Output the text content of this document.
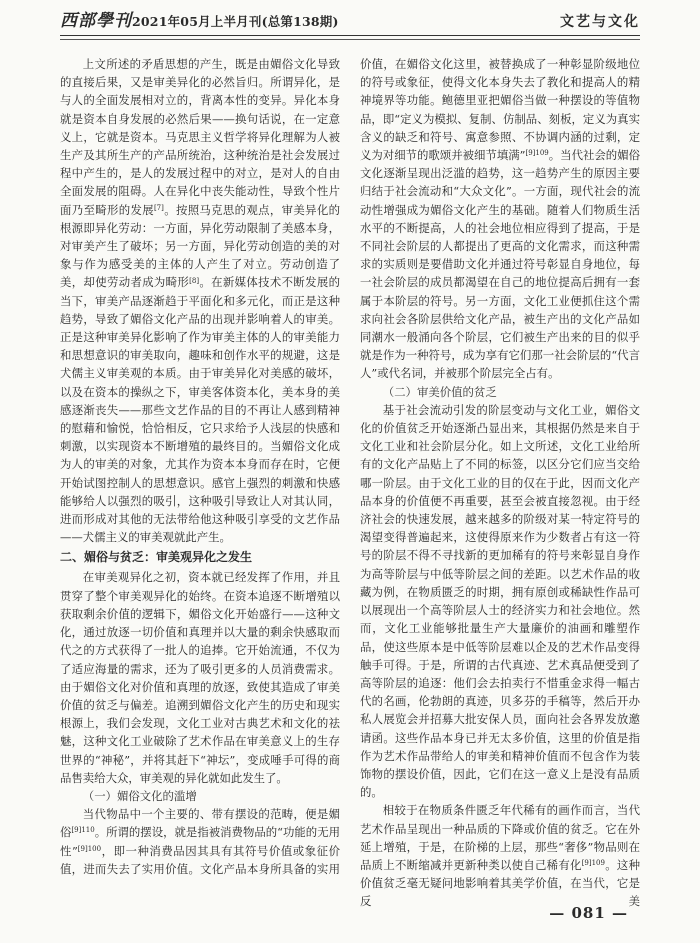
西部學刊2021年05月上半月刊(总第138期)	文艺与文化

上文所述的矛盾思想的产生，既是由媚俗文化导致的直接后果，又是审美异化的必然旨归。所谓异化，是与人的全面发展相对立的，背离本性的变异。异化本身就是资本自身发展的必然后果——换句话说，在一定意义上，它就是资本。马克思主义哲学将异化理解为人被生产及其所生产的产品所统治，这种统治是社会发展过程中产生的，是人的发展过程中的对立，是对人的自由全面发展的阻碍。人在异化中丧失能动性，导致个性片面乃至畸形的发展[7]。按照马克思的观点，审美异化的根源即异化劳动：一方面，异化劳动限制了美感本身，对审美产生了破坏；另一方面，异化劳动创造的美的对象与作为感受美的主体的人产生了对立。劳动创造了美，却使劳动者成为畸形[8]。在新媒体技术不断发展的当下，审美产品逐渐趋于平面化和多元化，而正是这种趋势，导致了媚俗文化产品的出现并影响着人的审美。正是这种审美异化影响了作为审美主体的人的审美能力和思想意识的审美取向，趣味和创作水平的规避，这是犬儒主义审美观的本质。由于审美异化对美感的破坏，以及在资本的操纵之下，审美客体资本化，美本身的美感逐渐丧失——那些文艺作品的目的不再让人感到精神的慰藉和愉悦，恰恰相反，它只求给予人浅层的快感和刺激，以实现资本不断增殖的最终目的。当媚俗文化成为人的审美的对象，尤其作为资本本身而存在时，它便开始试图控制人的思想意识。感官上强烈的刺激和快感能够给人以强烈的吸引，这种吸引导致让人对其认同，进而形成对其他的无法带给他这种吸引享受的文艺作品——犬儒主义的审美观就此产生。

二、媚俗与贫乏：审美观异化之发生

在审美观异化之初，资本就已经发挥了作用，并且贯穿了整个审美观异化的始终。在资本追逐不断增殖以获取剩余价值的逻辑下，媚俗文化开始盛行——这种文化，通过放逐一切价值和真理并以大量的剩余快感取而代之的方式获得了一批人的追捧。它开始流通，不仅为了适应海量的需求，还为了吸引更多的人员消费需求。由于媚俗文化对价值和真理的放逐，致使其造成了审美价值的贫乏与偏差。追溯到媚俗文化产生的历史和现实根源上，我们会发现，文化工业对古典艺术和文化的祛魅，这种文化工业破除了艺术作品在审美意义上的生存世界的“神秘”，并将其赶下“神坛”，变成唾手可得的商品售卖给大众，审美观的异化就如此发生了。

（一）媚俗文化的滥增

当代物品中一个主要的、带有摆设的范畴，便是媚俗$^{[9]110}$。所谓的摆设，就是指被消费物品的“功能的无用性”$^{[9]100}$，即一种消费品因其具有其符号价值或象征价值，进而失去了实用价值。文化产品本身所具备的实用

价值，在媚俗文化这里，被替换成了一种彰显阶级地位的符号或象征，使得文化本身失去了教化和提高人的精神境界等功能。鲍德里亚把媚俗当做一种摆设的等值物品，即“定义为模拟、复制、仿制品、刻板，定义为真实含义的缺乏和符号、寓意参照、不协调内涵的过剩，定义为对细节的歌颂并被细节填满”$^{[9]109}$。当代社会的媚俗文化逐渐呈现出泛滥的趋势，这一趋势产生的原因主要归结于社会流动和“大众文化”。一方面，现代社会的流动性增强成为媚俗文化产生的基础。随着人们物质生活水平的不断提高，人的社会地位相应得到了提高，于是不同社会阶层的人都提出了更高的文化需求，而这种需求的实质则是要借助文化并通过符号彰显自身地位，每一社会阶层的成员都渴望在自己的地位提高后拥有一套属于本阶层的符号。另一方面，文化工业便抓住这个需求向社会各阶层供给文化产品，被生产出的文化产品如同潮水一般涌向各个阶层，它们被生产出来的目的似乎就是作为一种符号，成为享有它们那一社会阶层的“代言人”或代名词，并被那个阶层完全占有。

（二）审美价值的贫乏

基于社会流动引发的阶层变动与文化工业，媚俗文化的价值贫乏开始逐渐凸显出来，其根据仍然是来自于文化工业和社会阶层分化。如上文所述，文化工业给所有的文化产品贴上了不同的标签，以区分它们应当交给哪一阶层。由于文化工业的目的仅在于此，因而文化产品本身的价值便不再重要，甚至会被直接忽视。由于经济社会的快速发展，越来越多的阶级对某一特定符号的渴望变得普遍起来，这使得原来作为少数者占有这一符号的阶层不得不寻找新的更加稀有的符号来彰显自身作为高等阶层与中低等阶层之间的差距。以艺术作品的收藏为例，在物质匮乏的时期，拥有原创或稀缺性作品可以展现出一个高等阶层人士的经济实力和社会地位。然而，文化工业能够批量生产大量廉价的油画和雕塑作品，使这些原本是中低等阶层难以企及的艺术作品变得触手可得。于是，所谓的古代真迹、艺术真品便受到了高等阶层的追逐：他们会去拍卖行不惜重金求得一幅古代的名画，伦勃朗的真迹，贝多芬的手稿等，然后开办私人展览会并招募大批安保人员，面向社会各界发放邀请函。这些作品本身已并无太多价值，这里的价值是指作为艺术作品带给人的审美和精神价值而不包含作为装饰物的摆设价值，因此，它们在这一意义上是没有品质的。

相较于在物质条件匮乏年代稀有的画作而言，当代艺术作品呈现出一种品质的下降或价值的贫乏。它在外延上增殖，于是，在阶梯的上层，那些“奢侈”物品则在品质上不断缩减并更新种类以使自己稀有化$^{[9]109}$。这种价值贫乏毫无疑问地影响着其美学价值，在当代，它是反美

— 081 —
